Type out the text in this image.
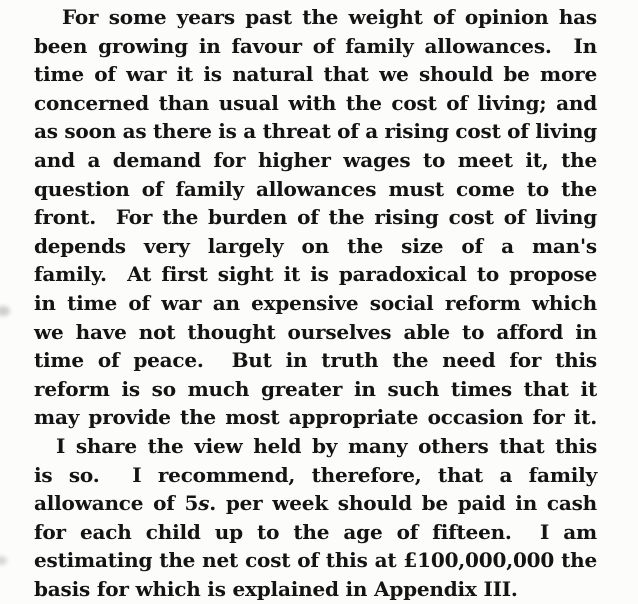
For some years past the weight of opinion has
been growing in favour of family allowances.  In
time of war it is natural that we should be more
concerned than usual with the cost of living; and
as soon as there is a threat of a rising cost of living
and a demand for higher wages to meet it, the
question of family allowances must come to the
front.  For the burden of the rising cost of living
depends very largely on the size of a man's
family.  At first sight it is paradoxical to propose
in time of war an expensive social reform which
we have not thought ourselves able to afford in
time of peace.  But in truth the need for this
reform is so much greater in such times that it
may provide the most appropriate occasion for it.
I share the view held by many others that this
is so.  I recommend, therefore, that a family
allowance of 5s. per week should be paid in cash
for each child up to the age of fifteen.  I am
estimating the net cost of this at £100,000,000 the
basis for which is explained in Appendix III.
